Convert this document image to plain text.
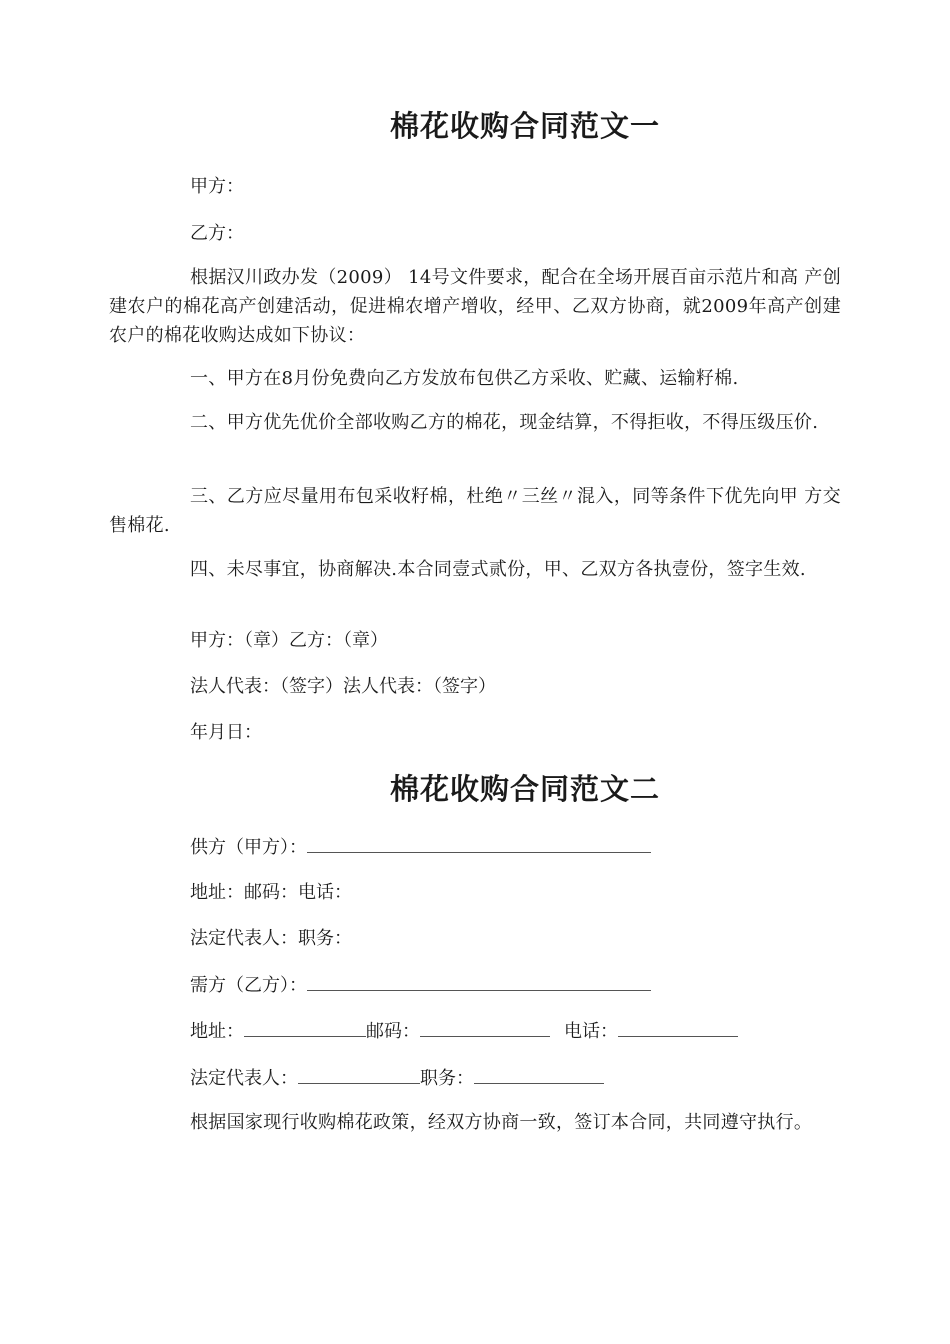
棉花收购合同范文一
甲方：
乙方：
根据汉川政办发（2009） 14号文件要求，配合在全场开展百亩示范片和高 产创建农户的棉花高产创建活动，促进棉农增产增收，经甲、乙双方协商，就2009年高产创建农户的棉花收购达成如下协议：
一、甲方在8月份免费向乙方发放布包供乙方采收、贮藏、运输籽棉.
二、甲方优先优价全部收购乙方的棉花，现金结算，不得拒收，不得压级压价.
三、乙方应尽量用布包采收籽棉，杜绝〃三丝〃混入，同等条件下优先向甲 方交售棉花.
四、未尽事宜，协商解决.本合同壹式贰份，甲、乙双方各执壹份，签字生效.
甲方：（章）乙方：（章）
法人代表：（签字）法人代表：（签字）
年月日：
棉花收购合同范文二
供方（甲方）：
地址：邮码：电话：
法定代表人：职务：
需方（乙方）：
地址：	邮码：	电话：
法定代表人：	职务：
根据国家现行收购棉花政策，经双方协商一致，签订本合同，共同遵守执行。
